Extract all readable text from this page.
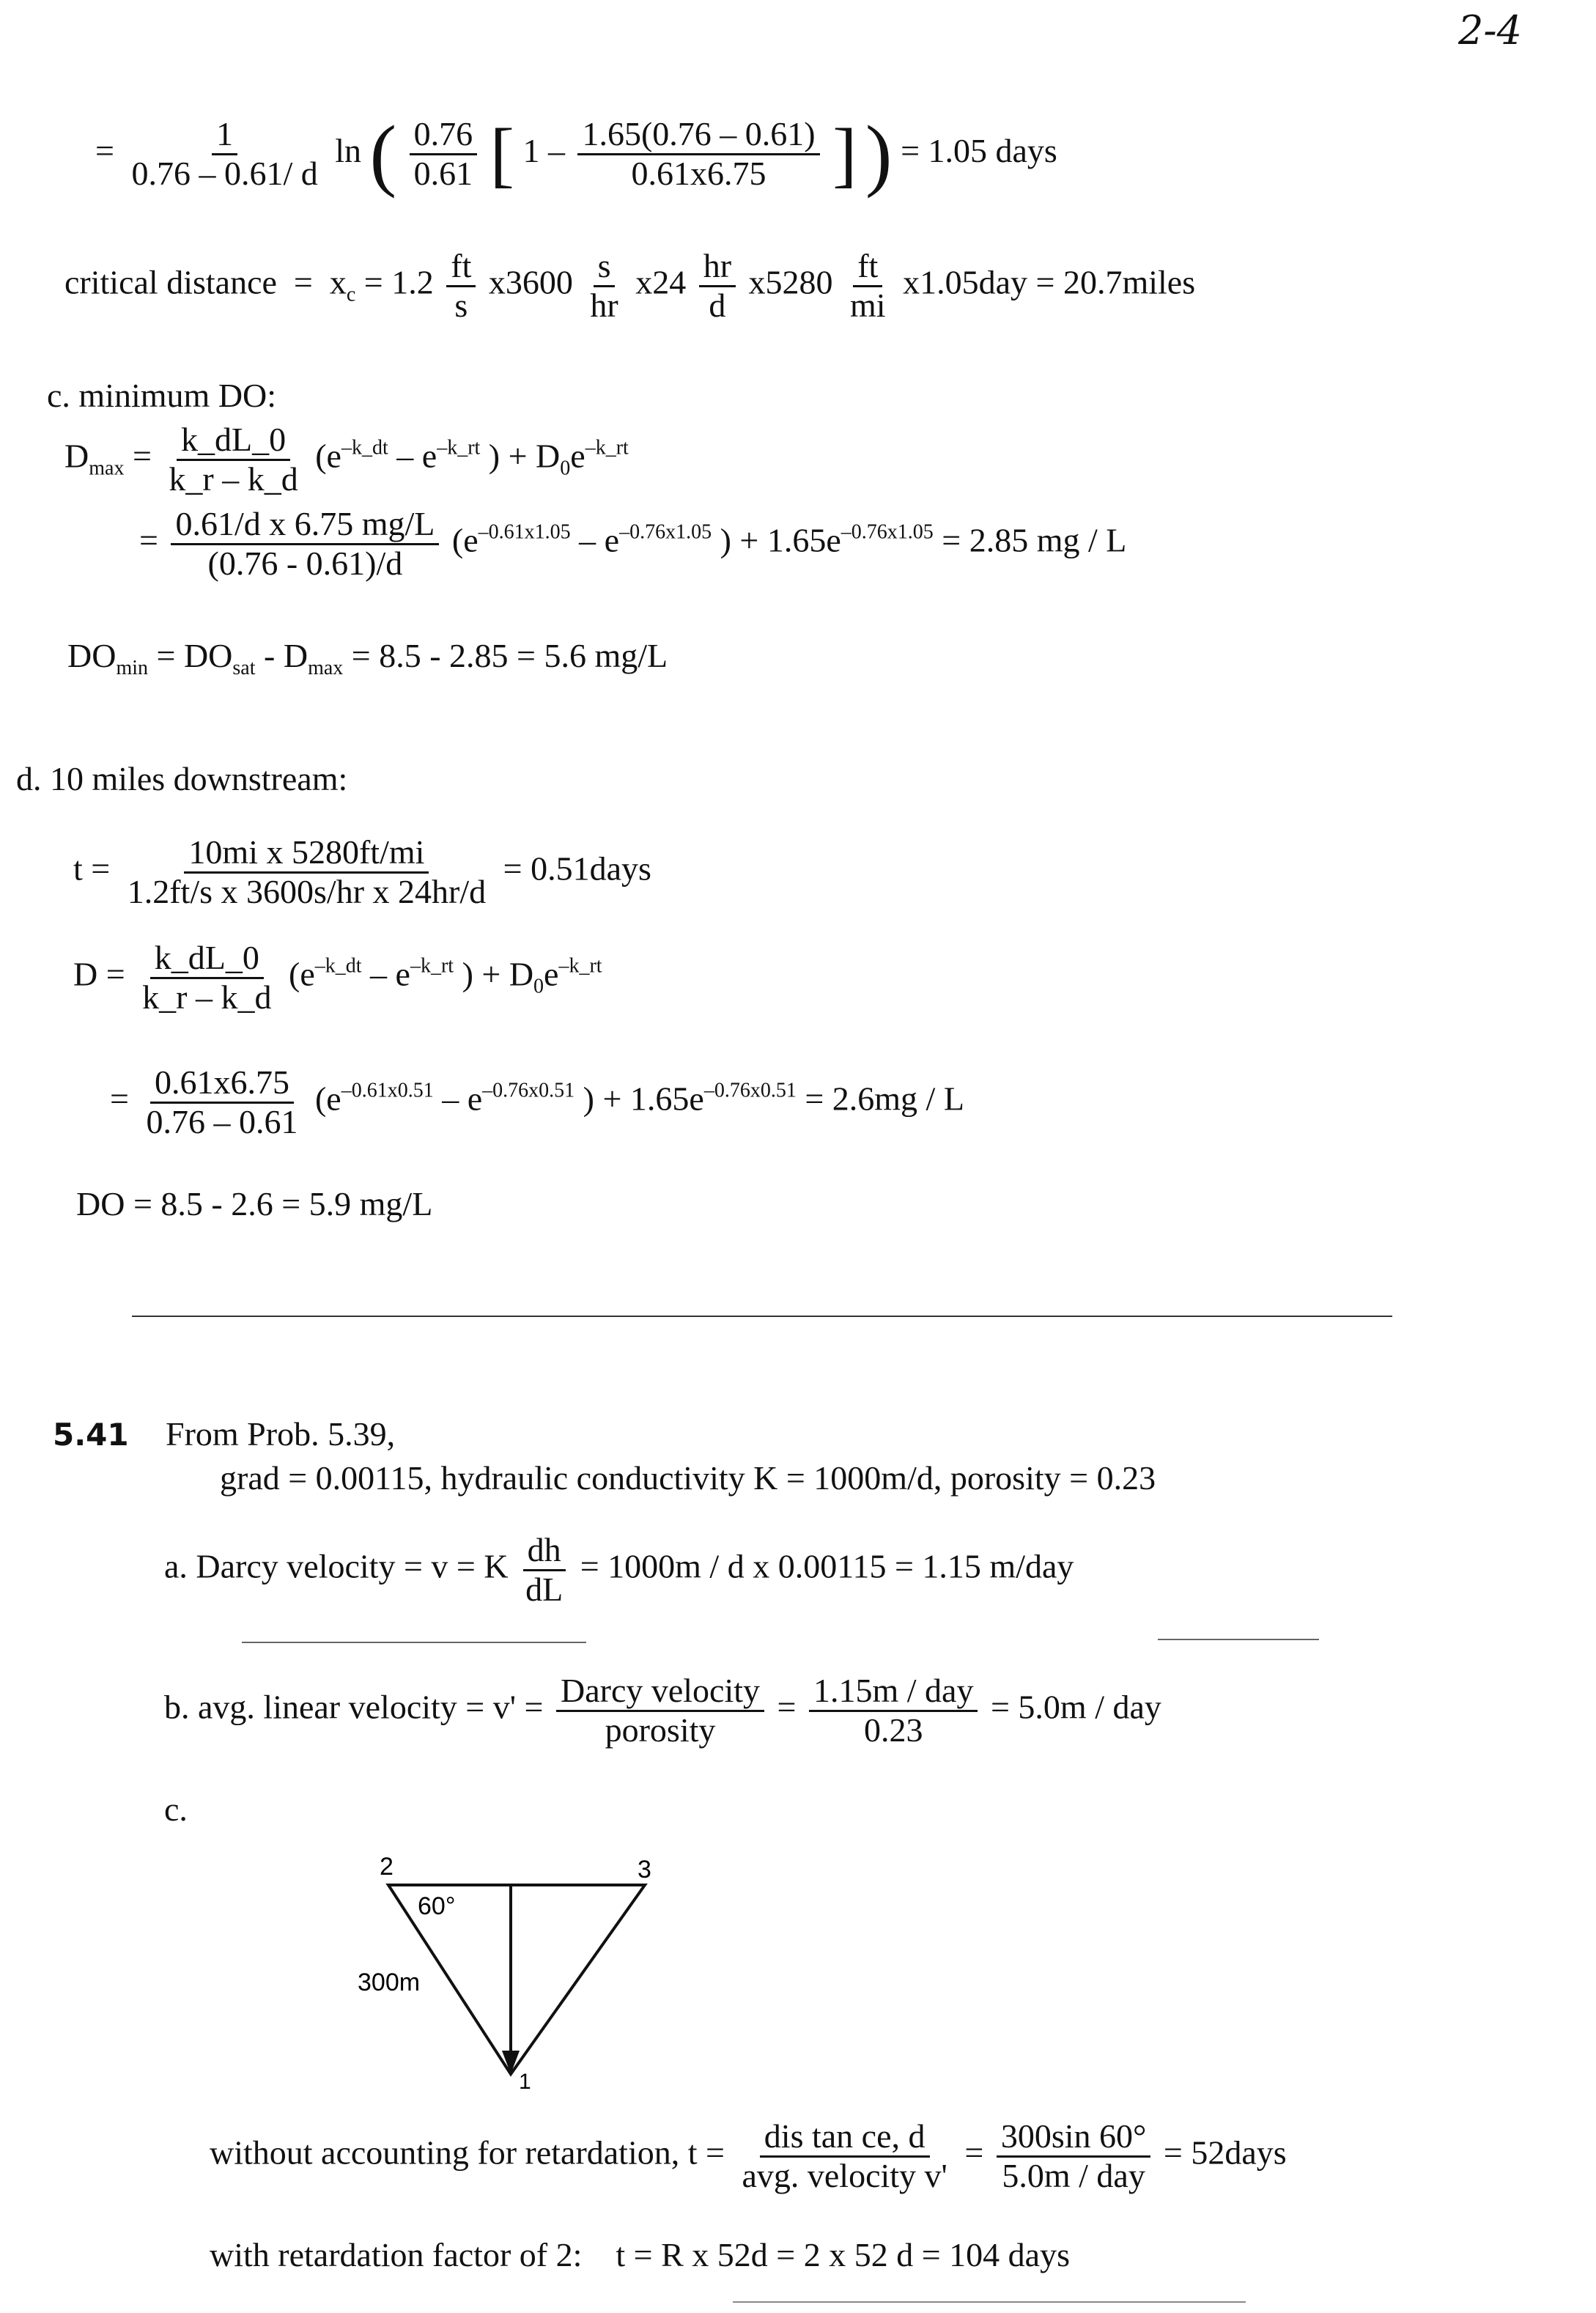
2-4
= $\frac{1}{0.76 - 0.61/ d}$ ln ( $\frac{0.76}{0.61}$ [ $1 - \frac{1.65(0.76 - 0.61)}{0.61x6.75}$ ] ) = 1.05 days
critical distance = $x_c = 1.2 \frac{ft}{s} x3600 \frac{s}{hr} x24 \frac{hr}{d} x5280 \frac{ft}{mi} x1.05day$ = 20.7miles
c. minimum DO:
$D_{max} = \frac{k\_dL\_0}{k\_r - k\_d} (e^{-k\_dt} - e^{-k\_rt}$ ) + $D_0e^{-k\_rt}$
= $\frac{\text{0.61/d x 6.75 mg/L}}{(0.76 - 0.61)/d} (e^{-0.61x1.05} - e^{-0.76x1.05}$ ) + $1.65e^{-0.76x1.05} = 2.85$ mg / L
$DO_{min} = DO_{sat} - D_{max} = 8.5 - 2.85 = 5.6$ mg/L
d. 10 miles downstream:
$t = \frac{\text{10mi x 5280ft/mi}}{\text{1.2ft/s x 3600s/hr x 24hr/d}}$ = 0.51days
$D = \frac{k\_dL\_0}{k\_r - k\_d} (e^{-k\_dt} - e^{-k\_rt}$ ) + $D_0e^{-k\_rt}$
= $\frac{0.61x6.75}{0.76 - 0.61} (e^{-0.61x0.51} - e^{-0.76x0.51}$ ) + $1.65e^{-0.76x0.51} = 2.6mg / L$
DO = 8.5 - 2.6 = 5.9 mg/L
5.41 From Prob. 5.39,
grad = 0.00115, hydraulic conductivity K = 1000m/d, porosity = 0.23
a. Darcy velocity = v = K $\frac{dh}{dL} = 1000m / d$ x 0.00115 = 1.15 m/day
b. avg. linear velocity = $v' = \frac{\text{Darcy velocity}}{\text{porosity}} = \frac{\text{1.15m / day}}{0.23} = 5.0m$ / day
c.
2	3
1
60°
300m
without accounting for retardation, $t = \frac{\text{dis tan ce, d}}{\text{avg. velocity v'}} = \frac{300\sin 60^\circ}{\text{5.0m / day}}$ = 52days
with retardation factor of 2: t = R x 52d = 2 x 52 d = 104 days
